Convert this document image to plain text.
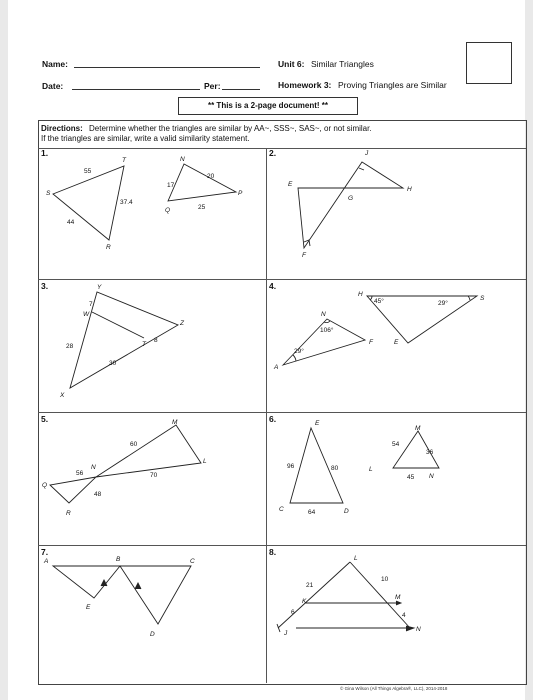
Name:
Date:	Per:
Unit 6: Similar Triangles
Homework 3: Proving Triangles are Similar
** This is a 2-page document! **
Directions: Determine whether the triangles are similar by AA~, SSS~, SAS~, or not similar.
If the triangles are similar, write a valid similarity statement.
1.	2.
3.	4.
5.	6.
7.	8.
S
T
R
N
P
Q
55
37.4
44
17
20
25
J
E
G
H
F
Y
W
T
Z
X
7
8
28
30
H
S
E
N
F
A
45°	29°
106°
29°
M
L
N
Q
R
60
70
56
48
E
C	D
M
L
N
96	80
64
54
36
45
A	B	C
E
D
L
K
M
J
N
21
10
6	4
© Gina Wilson (All Things Algebra®, LLC), 2014-2018
